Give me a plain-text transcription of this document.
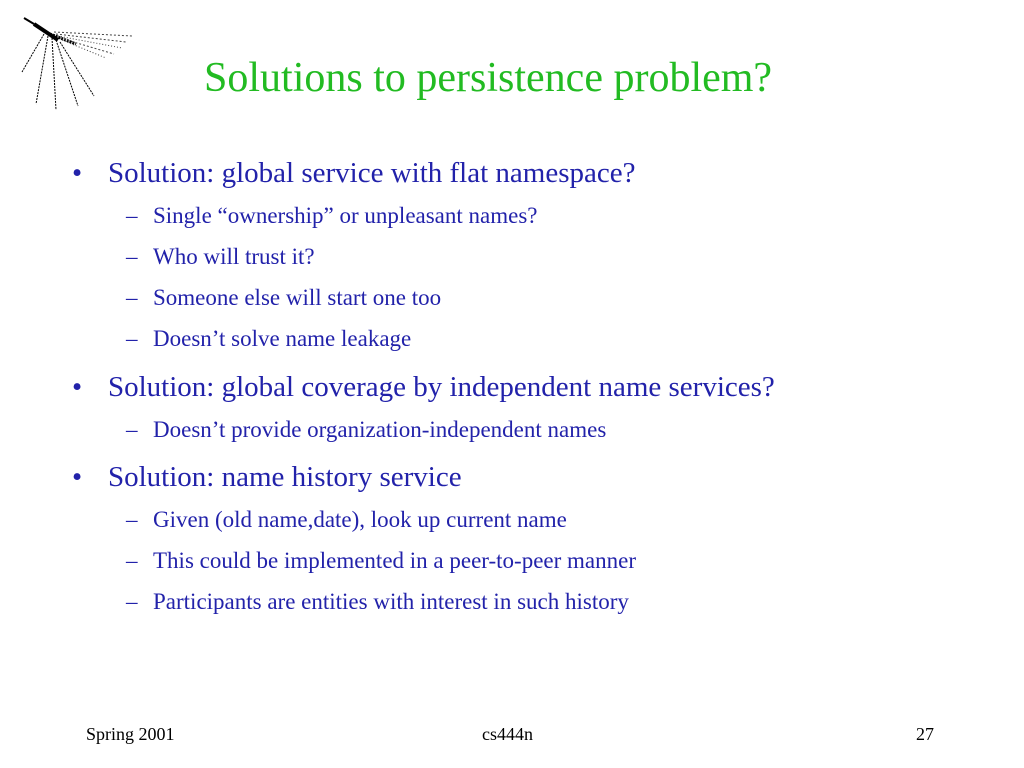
Solutions to persistence problem?
• Solution: global service with flat namespace?
– Single “ownership” or unpleasant names?
– Who will trust it?
– Someone else will start one too
– Doesn’t solve name leakage
• Solution: global coverage by independent name services?
– Doesn’t provide organization-independent names
• Solution: name history service
– Given (old name,date), look up current name
– This could be implemented in a peer-to-peer manner
– Participants are entities with interest in such history
Spring 2001	cs444n	27
